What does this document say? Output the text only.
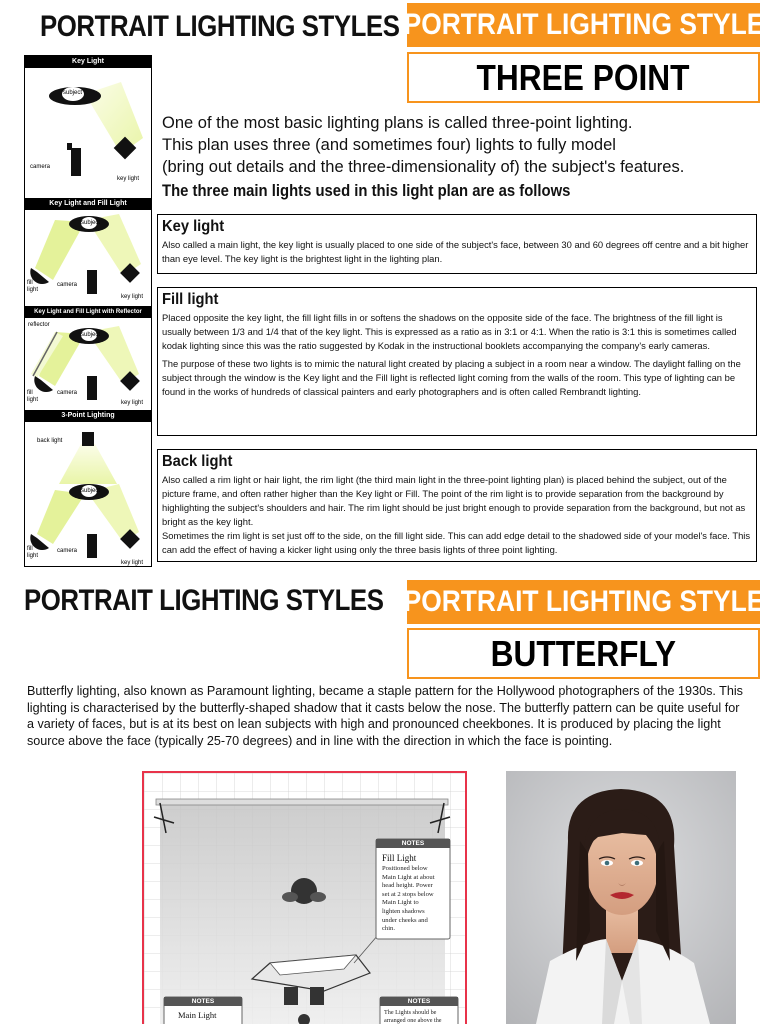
PORTRAIT LIGHTING STYLES PORTRAIT LIGHTING STYLE
THREE POINT
Key Light
subject
camera
key light
Key Light and Fill Light
subject
fill light
camera
key light
Key Light and Fill Light with Reflector
reflector
subject
fill light
camera
key light
3-Point Lighting
back light
subject
fill light
camera
key light

One of the most basic lighting plans is called three-point lighting.

This plan uses three (and sometimes four) lights to fully model

(bring out details and the three-dimensionality of) the subject's features.

The three main lights used in this light plan are as follows
Key light

Also called a main light, the key light is usually placed to one side of the subject's face, between 30 and 60 degrees off centre and a bit higher than eye level. The key light is the brightest light in the lighting plan.

Fill light

Placed opposite the key light, the fill light fills in or softens the shadows on the opposite side of the face. The brightness of the fill light is usually between 1/3 and 1/4 that of the key light. This is expressed as a ratio as in 3:1 or 4:1. When the ratio is 3:1 this is sometimes called kodak lighting since this was the ratio suggested by Kodak in the instructional booklets accompanying the company's early cameras.

The purpose of these two lights is to mimic the natural light created by placing a subject in a room near a window. The daylight falling on the subject through the window is the Key light and the Fill light is reflected light coming from the walls of the room. This type of lighting can be found in the works of hundreds of classical painters and early photographers and is often called Rembrandt lighting.

Back light

Also called a rim light or hair light, the rim light (the third main light in the three-point lighting plan) is placed behind the subject, out of the picture frame, and often rather higher than the Key light or Fill. The point of the rim light is to provide separation from the background by highlighting the subject's shoulders and hair. The rim light should be just bright enough to provide separation from the background, but not as bright as the key light.
Sometimes the rim light is set just off to the side, on the fill light side. This can add edge detail to the shadowed side of your model's face. This can add the effect of having a kicker light using only the three basis lights of three point lighting.

PORTRAIT LIGHTING STYLES PORTRAIT LIGHTING STYLE
BUTTERFLY
Butterfly lighting, also known as Paramount lighting, became a staple pattern for the Hollywood photographers of the 1930s. This lighting is characterised by the butterfly-shaped shadow that it casts below the nose. The butterfly pattern can be quite useful for a variety of faces, but is at its best on lean subjects with high and pronounced cheekbones. It is produced by placing the light source above the face (typically 25-70 degrees) and in line with the direction in which the face is pointing.
NOTES
Fill Light
Positioned below
Main Light at about
head height. Power
set at 2 stops below
Main Light to
lighten shadows
under cheeks and
chin.
NOTES
Main Light
NOTES
The Lights should be
arranged one above the
